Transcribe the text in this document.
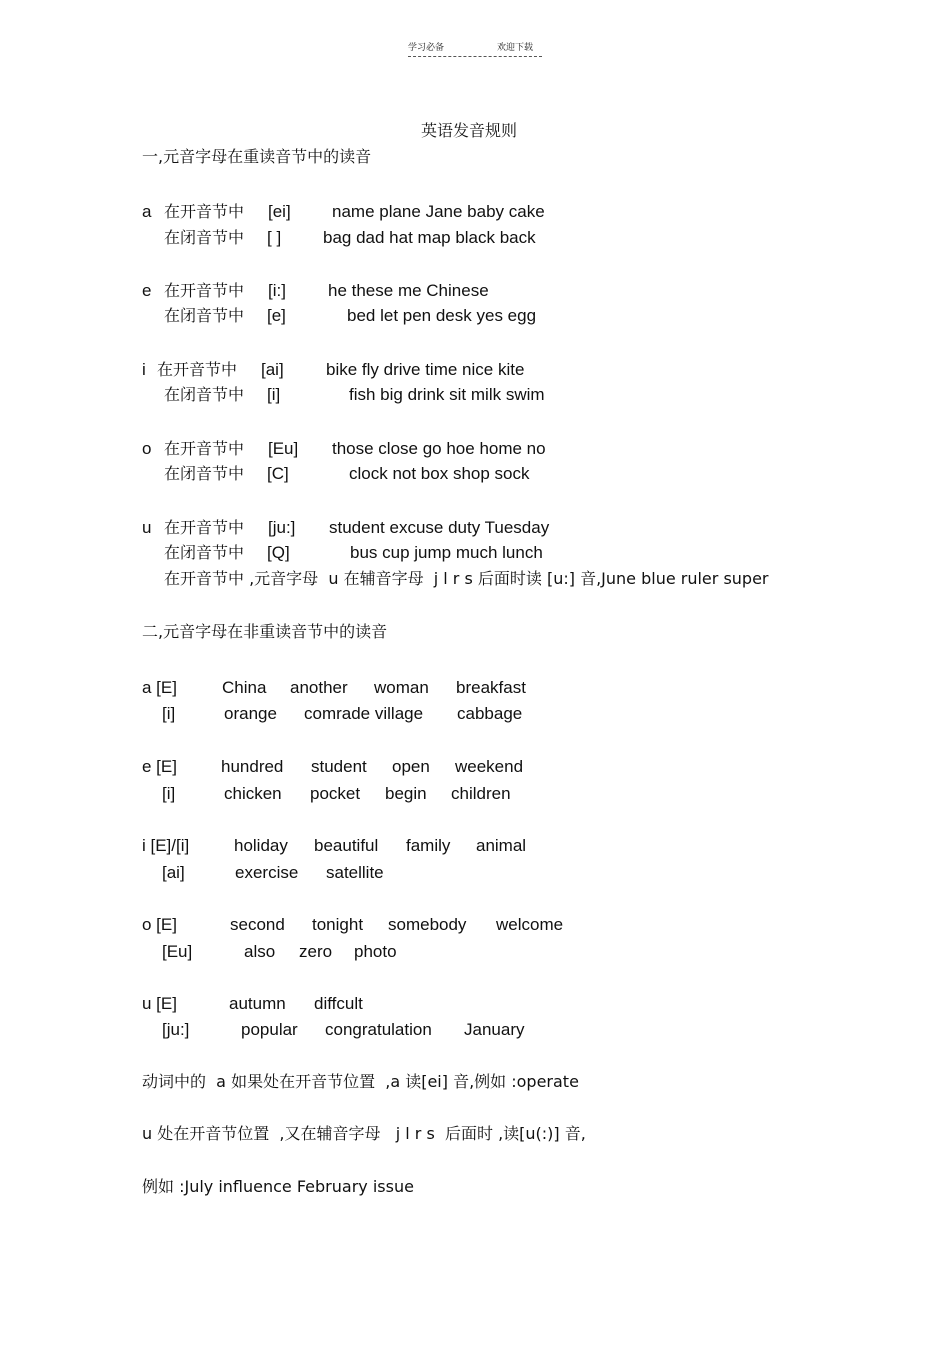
学习必备	欢迎下载
英语发音规则
一,元音字母在重读音节中的读音
a 在开音节中 [ei] name plane Jane baby cake
在闭音节中 [ ] bag dad hat map black back
e 在开音节中 [i:] he these me Chinese
在闭音节中 [e]	bed let pen desk yes egg
i 在开音节中 [ai] bike fly drive time nice kite
在闭音节中 [i]	fish big drink sit milk swim
o 在开音节中 [Eu] those close go hoe home no
在闭音节中 [C]	clock not box shop sock
u 在开音节中 [ju:] student excuse duty Tuesday
在闭音节中 [Q]	bus cup jump much lunch
在开音节中 ,元音字母  u 在辅音字母  j l r s 后面时读 [u:] 音,June blue ruler super
二,元音字母在非重读音节中的读音
a [E]	China another woman breakfast
[i]	orange comrade village cabbage
e [E]	hundred student open weekend
[i]	chicken pocket begin children
i [E]/[i]	holiday beautiful family animal
[ai]	exercise satellite
o [E]	second tonight somebody welcome
[Eu]	also zero photo
u [E]	autumn diffcult
[ju:]	popular congratulation January
动词中的  a 如果处在开音节位置  ,a 读[ei] 音,例如 :operate
u 处在开音节位置  ,又在辅音字母   j l r s  后面时 ,读[u(:)] 音,
例如 :July influence February issue
